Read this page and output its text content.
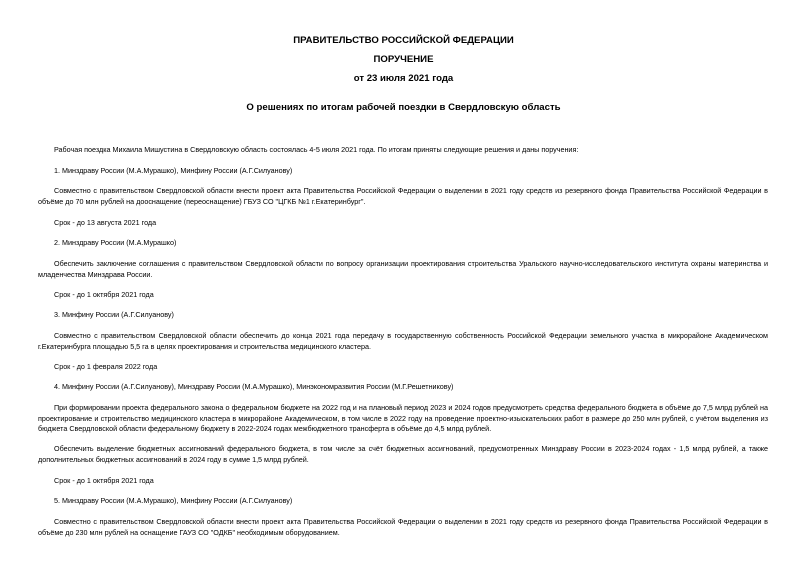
ПРАВИТЕЛЬСТВО РОССИЙСКОЙ ФЕДЕРАЦИИ
ПОРУЧЕНИЕ
от 23 июля 2021 года
О решениях по итогам рабочей поездки в Свердловскую область

Рабочая поездка Михаила Мишустина в Свердловскую область состоялась 4-5 июля 2021 года. По итогам приняты следующие решения и даны поручения:

1. Минздраву России (М.А.Мурашко), Минфину России (А.Г.Силуанову)

Совместно с правительством Свердловской области внести проект акта Правительства Российской Федерации о выделении в 2021 году средств из резервного фонда Правительства Российской Федерации в объёме до 70 млн рублей на дооснащение (переоснащение) ГБУЗ СО "ЦГКБ №1 г.Екатеринбург".

Срок - до 13 августа 2021 года

2. Минздраву России (М.А.Мурашко)

Обеспечить заключение соглашения с правительством Свердловской области по вопросу организации проектирования строительства Уральского научно-исследовательского института охраны материнства и младенчества Минздрава России.

Срок - до 1 октября 2021 года

3. Минфину России (А.Г.Силуанову)

Совместно с правительством Свердловской области обеспечить до конца 2021 года передачу в государственную собственность Российской Федерации земельного участка в микрорайоне Академическом г.Екатеринбурга площадью 5,5 га в целях проектирования и строительства медицинского кластера.

Срок - до 1 февраля 2022 года

4. Минфину России (А.Г.Силуанову), Минздраву России (М.А.Мурашко), Минэкономразвития России (М.Г.Решетникову)

При формировании проекта федерального закона о федеральном бюджете на 2022 год и на плановый период 2023 и 2024 годов предусмотреть средства федерального бюджета в объёме до 7,5 млрд рублей на проектирование и строительство медицинского кластера в микрорайоне Академическом, в том числе в 2022 году на проведение проектно-изыскательских работ в размере до 250 млн рублей, с учётом выделения из бюджета Свердловской области федеральному бюджету в 2022-2024 годах межбюджетного трансферта в объёме до 4,5 млрд рублей.

Обеспечить выделение бюджетных ассигнований федерального бюджета, в том числе за счёт бюджетных ассигнований, предусмотренных Минздраву России в 2023-2024 годах - 1,5 млрд рублей, а также дополнительных бюджетных ассигнований в 2024 году в сумме 1,5 млрд рублей.

Срок - до 1 октября 2021 года

5. Минздраву России (М.А.Мурашко), Минфину России (А.Г.Силуанову)

Совместно с правительством Свердловской области внести проект акта Правительства Российской Федерации о выделении в 2021 году средств из резервного фонда Правительства Российской Федерации в объёме до 230 млн рублей на оснащение ГАУЗ СО "ОДКБ" необходимым оборудованием.
